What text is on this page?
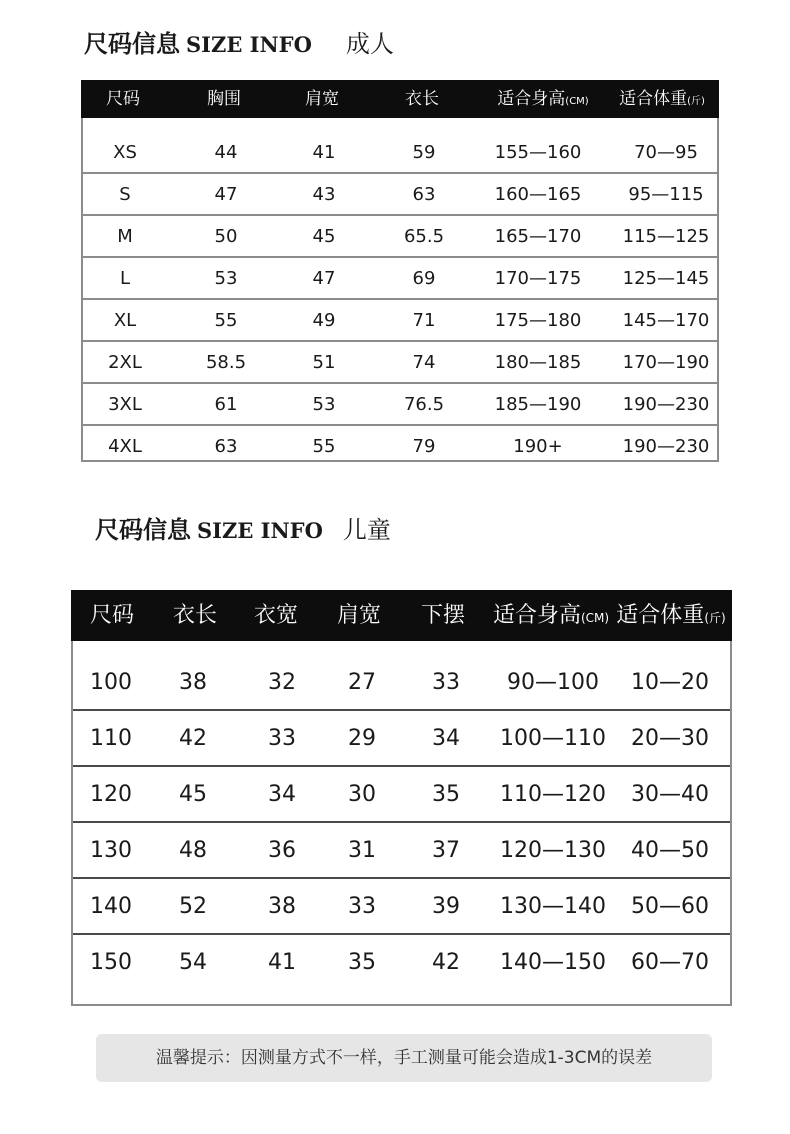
尺码信息 SIZE INFO 成人
尺码	胸围	肩宽	衣长	适合身高(CM) 适合体重(斤)
XS	44	41	59	155—160	70—95
S	47	43	63	160—165	95—115
M	50	45	65.5	165—170 115—125
L	53	47	69	170—175 125—145
XL	55	49	71	175—180 145—170
2XL	58.5	51	74	180—185 170—190
3XL	61	53	76.5	185—190 190—230
4XL	63	55	79	190+	190—230
尺码信息 SIZE INFO 儿童
尺码 衣长 衣宽 肩宽 下摆 适合身高(CM) 适合体重(斤)
100 38	32 27	33 90—100 10—20
110 42	33 29	34 100—110 20—30
120 45	34 30	35 110—120 30—40
130 48	36 31	37 120—130 40—50
140 52	38 33	39 130—140 50—60
150 54	41 35	42 140—150 60—70
温馨提示：因测量方式不一样，手工测量可能会造成1-3CM的误差
